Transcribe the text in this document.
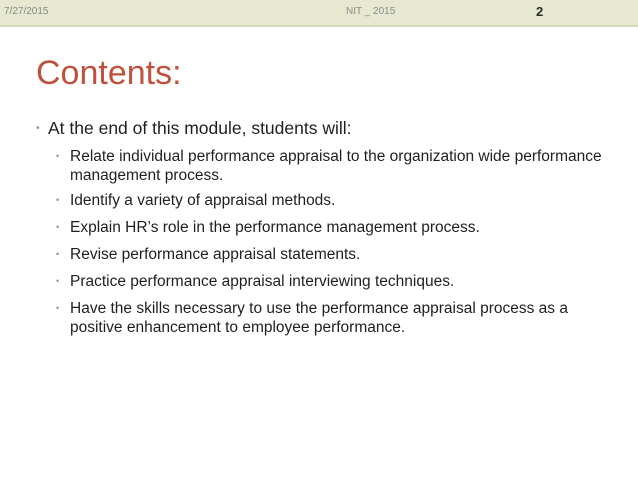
7/27/2015	NIT _ 2015	2
Contents:
• At the end of this module, students will:
• Relate individual performance appraisal to the organization wide performance management process.
• Identify a variety of appraisal methods.
• Explain HR’s role in the performance management process.
• Revise performance appraisal statements.
• Practice performance appraisal interviewing techniques.
• Have the skills necessary to use the performance appraisal process as a positive enhancement to employee performance.
